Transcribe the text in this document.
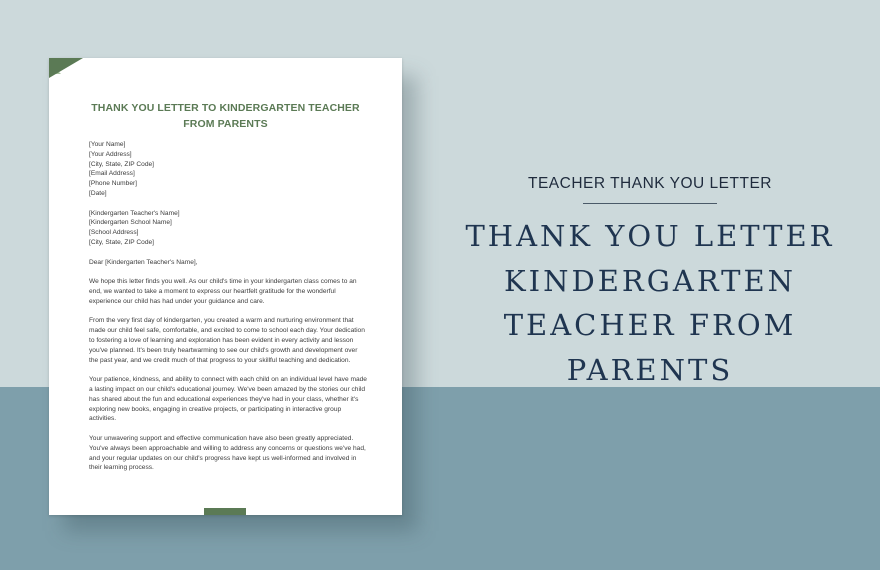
THANK YOU LETTER TO KINDERGARTEN TEACHER
FROM PARENTS
[Your Name]
[Your Address]
[City, State, ZIP Code]
[Email Address]
[Phone Number]
[Date]
[Kindergarten Teacher's Name]
[Kindergarten School Name]
[School Address]
[City, State, ZIP Code]
Dear [Kindergarten Teacher's Name],
We hope this letter finds you well. As our child's time in your kindergarten class comes to an
end, we wanted to take a moment to express our heartfelt gratitude for the wonderful
experience our child has had under your guidance and care.
From the very first day of kindergarten, you created a warm and nurturing environment that
made our child feel safe, comfortable, and excited to come to school each day. Your dedication
to fostering a love of learning and exploration has been evident in every activity and lesson
you've planned. It's been truly heartwarming to see our child's growth and development over
the past year, and we credit much of that progress to your skillful teaching and dedication.
Your patience, kindness, and ability to connect with each child on an individual level have made
a lasting impact on our child's educational journey. We've been amazed by the stories our child
has shared about the fun and educational experiences they've had in your class, whether it's
exploring new books, engaging in creative projects, or participating in interactive group
activities.
Your unwavering support and effective communication have also been greatly appreciated.
You've always been approachable and willing to address any concerns or questions we've had,
and your regular updates on our child's progress have kept us well-informed and involved in
their learning process.
TEACHER THANK YOU LETTER
THANK YOU LETTER
KINDERGARTEN
TEACHER FROM
PARENTS
